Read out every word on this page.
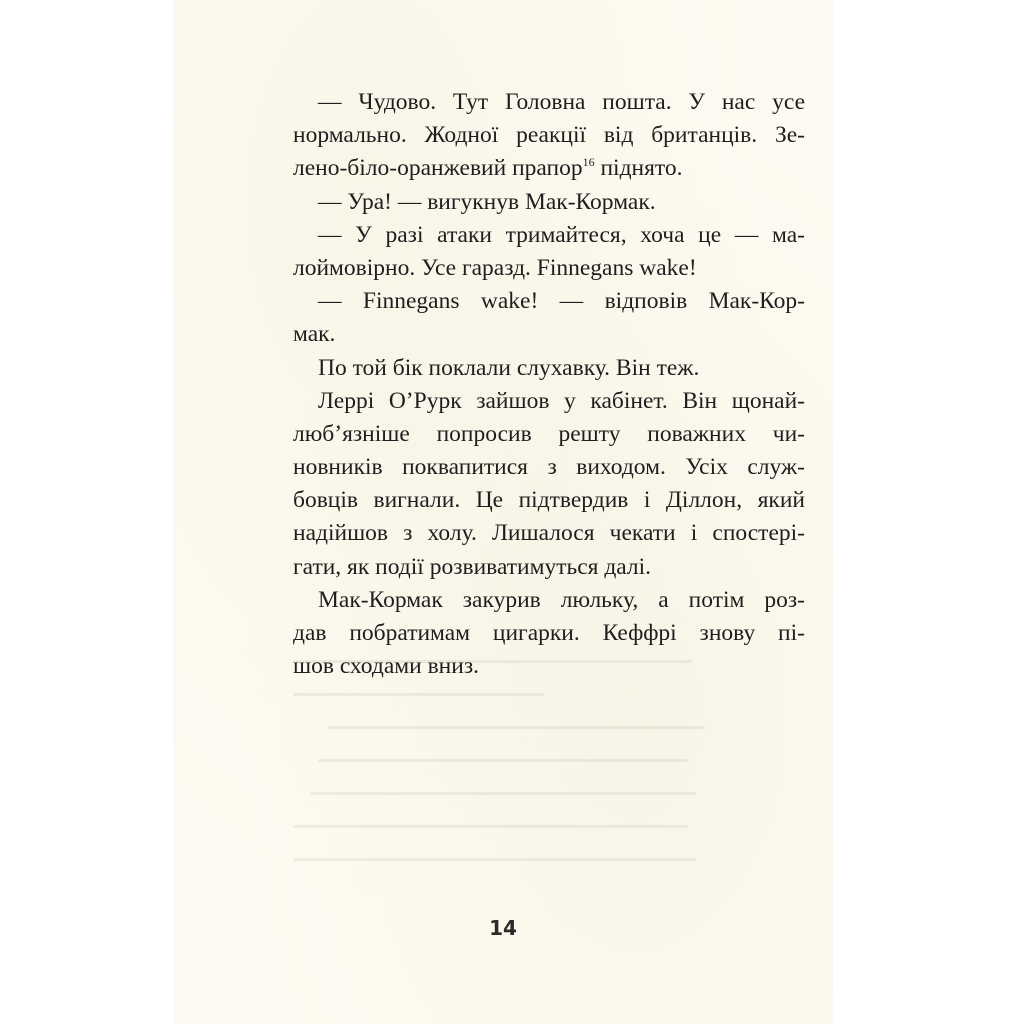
— Чудово. Тут Головна пошта. У нас усе
нормально. Жодної реакції від британців. Зе-
лено-біло-оранжевий прапор$^{16}$ піднято.
— Ура! — вигукнув Мак-Кормак.
— У разі атаки тримайтеся, хоча це — ма-
лоймовірно. Усе гаразд. Finnegans wake!
— Finnegans wake! — відповів Мак-Кор-
мак.
По той бік поклали слухавку. Він теж.
Леррі О’Рурк зайшов у кабінет. Він щонай-
люб’язніше попросив решту поважних чи-
новників поквапитися з виходом. Усіх служ-
бовців вигнали. Це підтвердив і Діллон, який
надійшов з холу. Лишалося чекати і спостері-
гати, як події розвиватимуться далі.
Мак-Кормак закурив люльку, а потім роз-
дав побратимам цигарки. Кеффрі знову пі-
шов сходами вниз.
14
